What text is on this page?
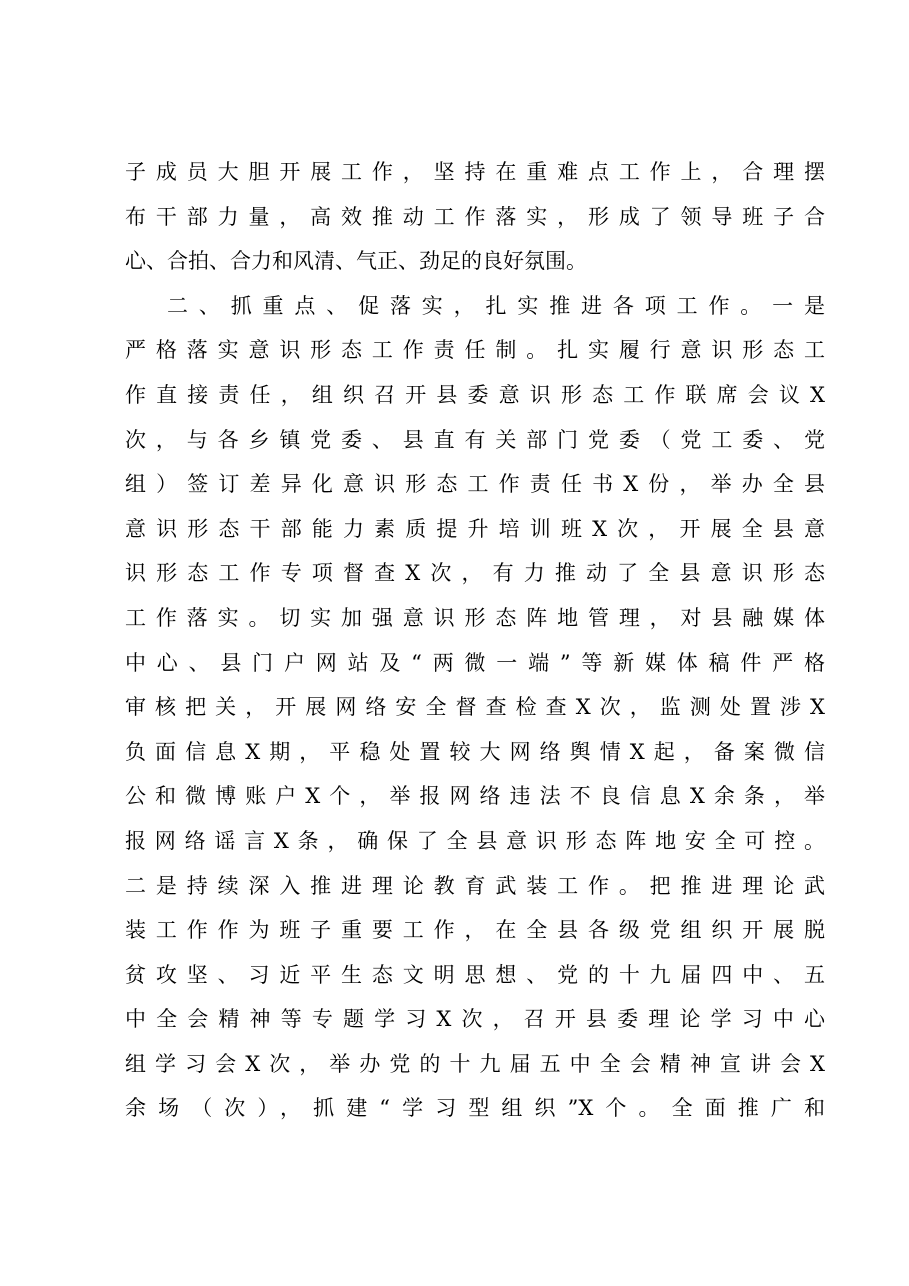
子成员大胆开展工作，坚持在重难点工作上，合理摆
布干部力量，高效推动工作落实，形成了领导班子合
心、合拍、合力和风清、气正、劲足的良好氛围。
二、抓重点、促落实，扎实推进各项工作。一是
严格落实意识形态工作责任制。扎实履行意识形态工
作直接责任，组织召开县委意识形态工作联席会议X
次，与各乡镇党委、县直有关部门党委（党工委、党
组）签订差异化意识形态工作责任书X份，举办全县
意识形态干部能力素质提升培训班X次，开展全县意
识形态工作专项督查X次，有力推动了全县意识形态
工作落实。切实加强意识形态阵地管理，对县融媒体
中心、县门户网站及“两微一端”等新媒体稿件严格
审核把关，开展网络安全督查检查X次，监测处置涉X
负面信息X期，平稳处置较大网络舆情X起，备案微信
公和微博账户X个，举报网络违法不良信息X余条，举
报网络谣言X条，确保了全县意识形态阵地安全可控。
二是持续深入推进理论教育武装工作。把推进理论武
装工作作为班子重要工作，在全县各级党组织开展脱
贫攻坚、习近平生态文明思想、党的十九届四中、五
中全会精神等专题学习X次，召开县委理论学习中心
组学习会X次，举办党的十九届五中全会精神宣讲会X
余场（次），抓建“学习型组织”X个。全面推广和
